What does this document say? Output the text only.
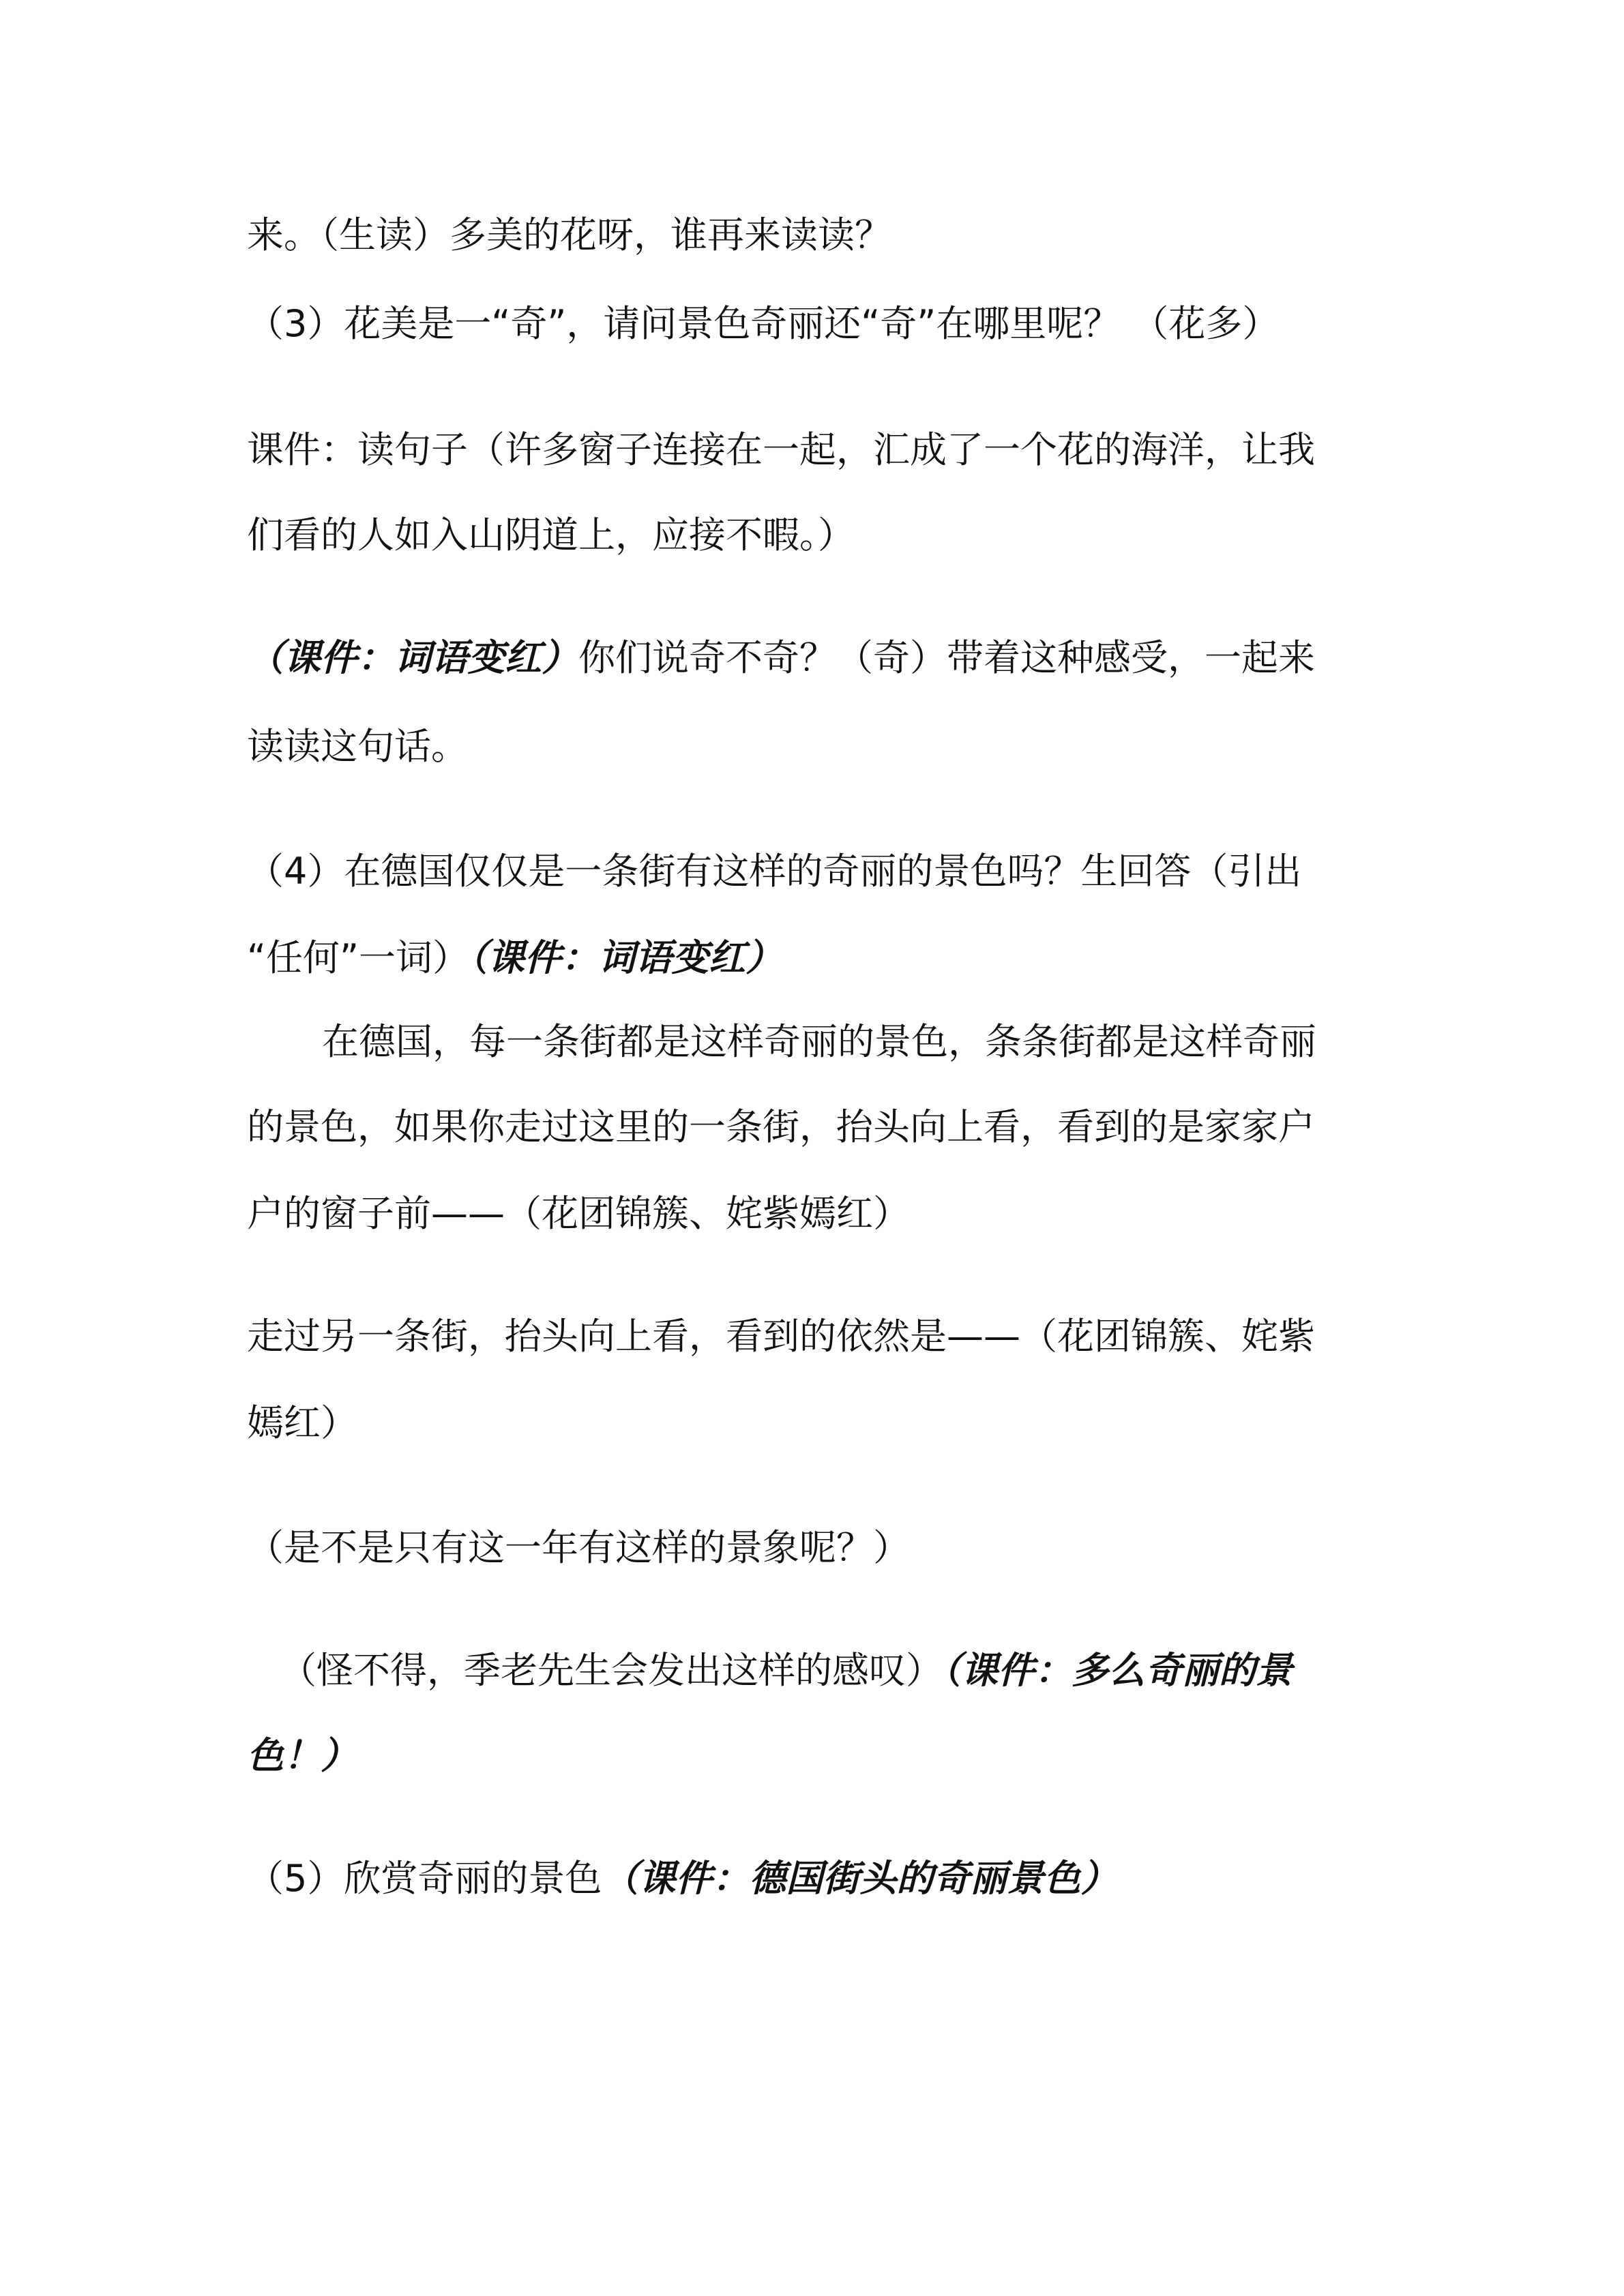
来。（生读）多美的花呀，谁再来读读？
（3）花美是一“奇”，请问景色奇丽还“奇”在哪里呢？ （花多）
课件：读句子（许多窗子连接在一起，汇成了一个花的海洋，让我
们看的人如入山阴道上，应接不暇。）
（课件：词语变红）你们说奇不奇？（奇）带着这种感受，一起来
读读这句话。
（4）在德国仅仅是一条街有这样的奇丽的景色吗？生回答（引出
“任何”一词）（课件：词语变红）
在德国，每一条街都是这样奇丽的景色，条条街都是这样奇丽
的景色，如果你走过这里的一条街，抬头向上看，看到的是家家户
户的窗子前——（花团锦簇、姹紫嫣红）
走过另一条街，抬头向上看，看到的依然是——（花团锦簇、姹紫
嫣红）
（是不是只有这一年有这样的景象呢？）
（怪不得，季老先生会发出这样的感叹）（课件：多么奇丽的景
色！）
（5）欣赏奇丽的景色（课件：德国街头的奇丽景色）
